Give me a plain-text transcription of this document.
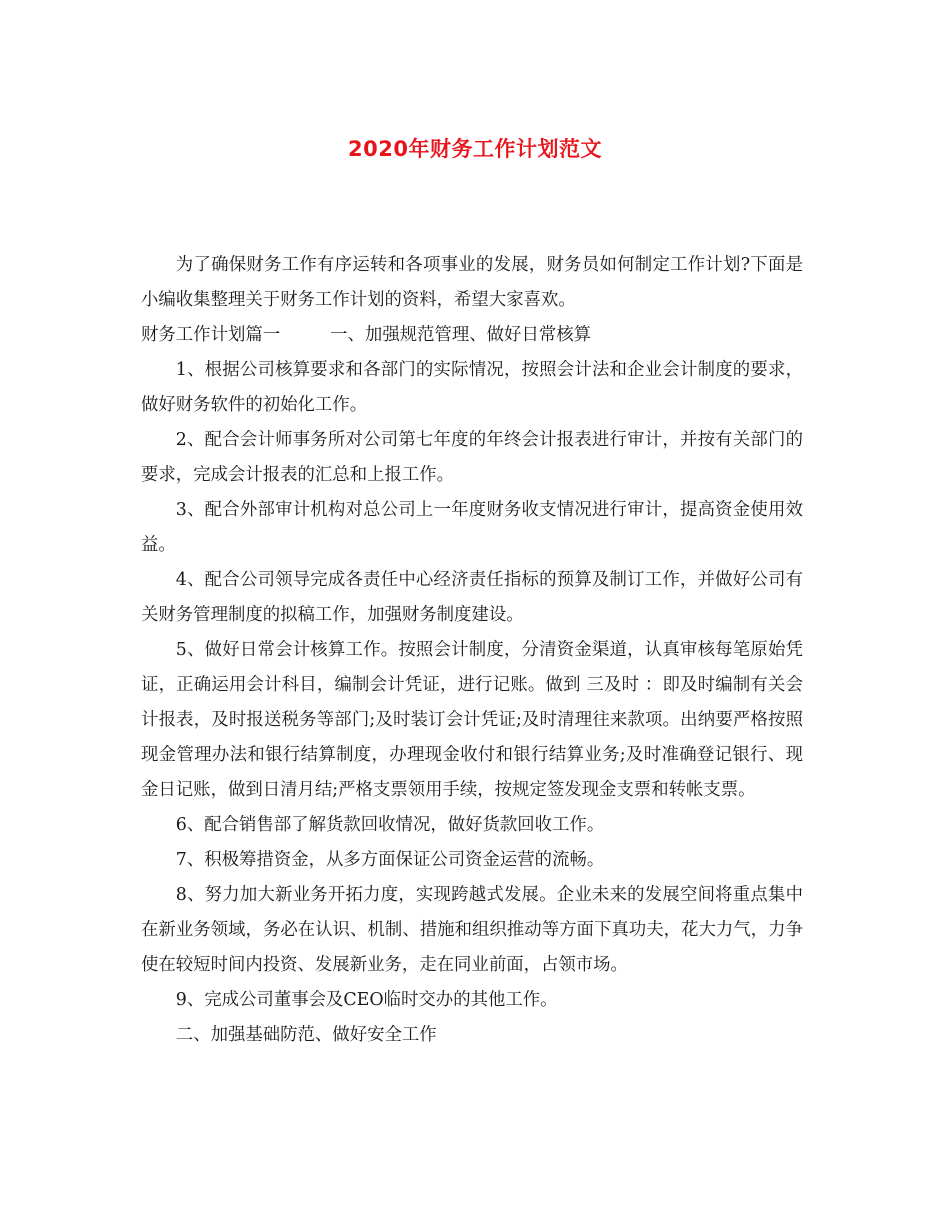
2020年财务工作计划范文

为了确保财务工作有序运转和各项事业的发展，财务员如何制定工作计划?下面是小编收集整理关于财务工作计划的资料，希望大家喜欢。

财务工作计划篇一	一、加强规范管理、做好日常核算

1、根据公司核算要求和各部门的实际情况，按照会计法和企业会计制度的要求，做好财务软件的初始化工作。

2、配合会计师事务所对公司第七年度的年终会计报表进行审计，并按有关部门的要求，完成会计报表的汇总和上报工作。

3、配合外部审计机构对总公司上一年度财务收支情况进行审计，提高资金使用效益。

4、配合公司领导完成各责任中心经济责任指标的预算及制订工作，并做好公司有关财务管理制度的拟稿工作，加强财务制度建设。

5、做好日常会计核算工作。按照会计制度，分清资金渠道，认真审核每笔原始凭证，正确运用会计科目，编制会计凭证，进行记账。做到 三及时 ：即及时编制有关会计报表，及时报送税务等部门;及时装订会计凭证;及时清理往来款项。出纳要严格按照现金管理办法和银行结算制度，办理现金收付和银行结算业务;及时准确登记银行、现金日记账，做到日清月结;严格支票领用手续，按规定签发现金支票和转帐支票。

6、配合销售部了解货款回收情况，做好货款回收工作。

7、积极筹措资金，从多方面保证公司资金运营的流畅。

8、努力加大新业务开拓力度，实现跨越式发展。企业未来的发展空间将重点集中在新业务领域，务必在认识、机制、措施和组织推动等方面下真功夫，花大力气，力争使在较短时间内投资、发展新业务，走在同业前面，占领市场。

9、完成公司董事会及CEO临时交办的其他工作。

二、加强基础防范、做好安全工作
